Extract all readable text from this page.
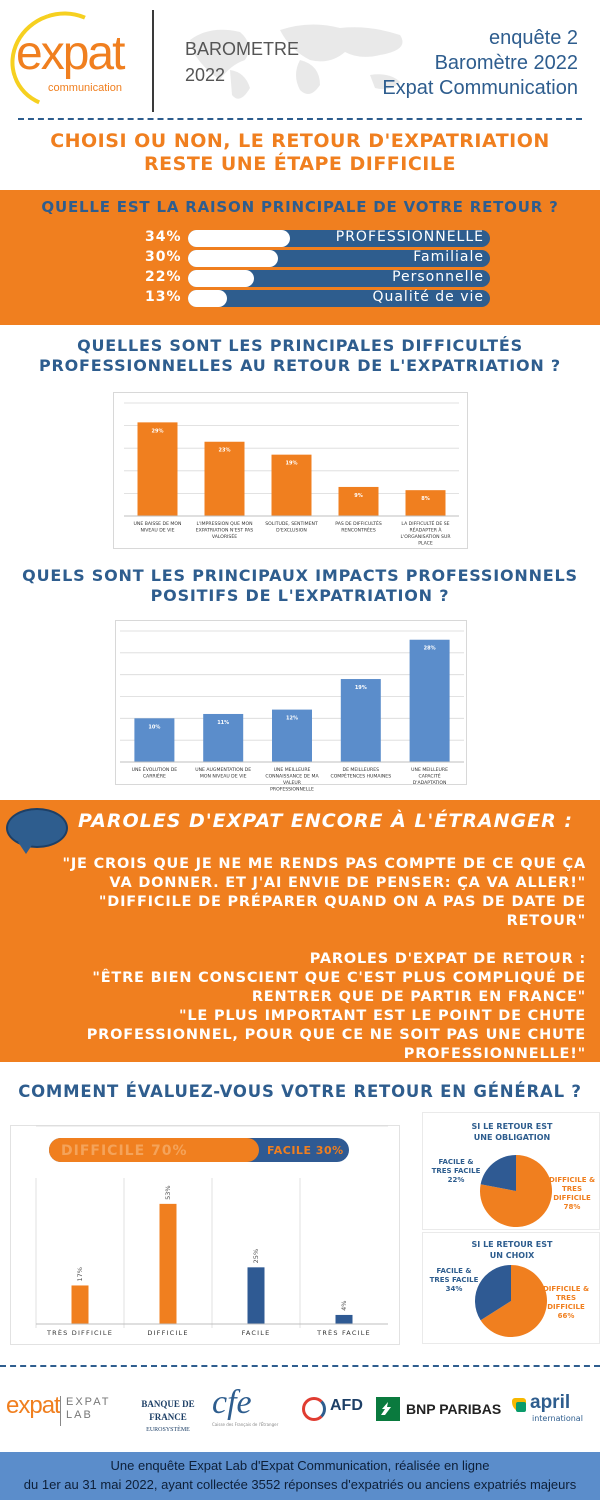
expat
communication
BAROMETRE
2022
enquête 2
Baromètre 2022
Expat Communication
CHOISI OU NON, LE RETOUR D'EXPATRIATION
RESTE UNE ÉTAPE DIFFICILE
QUELLE EST LA RAISON PRINCIPALE DE VOTRE RETOUR ?
34%	PROFESSIONNELLE
30%	Familiale
22%	Personnelle
13%	Qualité de vie
QUELLES SONT LES PRINCIPALES DIFFICULTÉS
PROFESSIONNELLES AU RETOUR DE L'EXPATRIATION ?
29%
UNE BAISSE DE MON
NIVEAU DE VIE
23%
L'IMPRESSION QUE MON
EXPATRIATION N'EST PAS
VALORISÉE
19%
SOLITUDE, SENTIMENT
D'EXCLUSION
9%
PAS DE DIFFICULTÉS
RENCONTRÉES
8%
LA DIFFICULTÉ DE SE
RÉADAPTER À
L'ORGANISATION SUR
PLACE
QUELS SONT LES PRINCIPAUX IMPACTS PROFESSIONNELS
POSITIFS DE L'EXPATRIATION ?
10%
UNE ÉVOLUTION DE
CARRIÈRE
11%
UNE AUGMENTATION DE
MON NIVEAU DE VIE
12%
UNE MEILLEURE
CONNAISSANCE DE MA
VALEUR
PROFESSIONNELLE
19%
DE MEILLEURES
COMPÉTENCES HUMAINES
28%
UNE MEILLEURE
CAPACITÉ
D'ADAPTATION
PAROLES D'EXPAT ENCORE À L'ÉTRANGER :
"JE CROIS QUE JE NE ME RENDS PAS COMPTE DE CE QUE ÇA
VA DONNER. ET J'AI ENVIE DE PENSER: ÇA VA ALLER!"
"DIFFICILE DE PRÉPARER QUAND ON A PAS DE DATE DE
RETOUR"
PAROLES D'EXPAT DE RETOUR :
"ÊTRE BIEN CONSCIENT QUE C'EST PLUS COMPLIQUÉ DE
RENTRER QUE DE PARTIR EN FRANCE"
"LE PLUS IMPORTANT EST LE POINT DE CHUTE
PROFESSIONNEL, POUR QUE CE NE SOIT PAS UNE CHUTE
PROFESSIONNELLE!"
COMMENT ÉVALUEZ-VOUS VOTRE RETOUR EN GÉNÉRAL ?
DIFFICILE 70%	FACILE 30%
17%
TRÈS DIFFICILE
53%
DIFFICILE
25%
FACILE
4%
TRÈS FACILE
SI LE RETOUR EST
UNE OBLIGATION
FACILE &
TRES FACILE
22%	DIFFICILE &
TRES
DIFFICILE
78%
SI LE RETOUR EST
UN CHOIX
FACILE &
TRES FACILE
34%	DIFFICILE &
TRES
DIFFICILE
66%
expat EXPAT
LAB
BANQUE DE FRANCE
EUROSYSTÈME
cfe
Caisse des Français de l'Étranger
AFD	BNP PARIBAS april
international

Une enquête Expat Lab d'Expat Communication, réalisée en ligne

du 1er au 31 mai 2022, ayant collectée 3552 réponses d'expatriés ou anciens expatriés majeurs
